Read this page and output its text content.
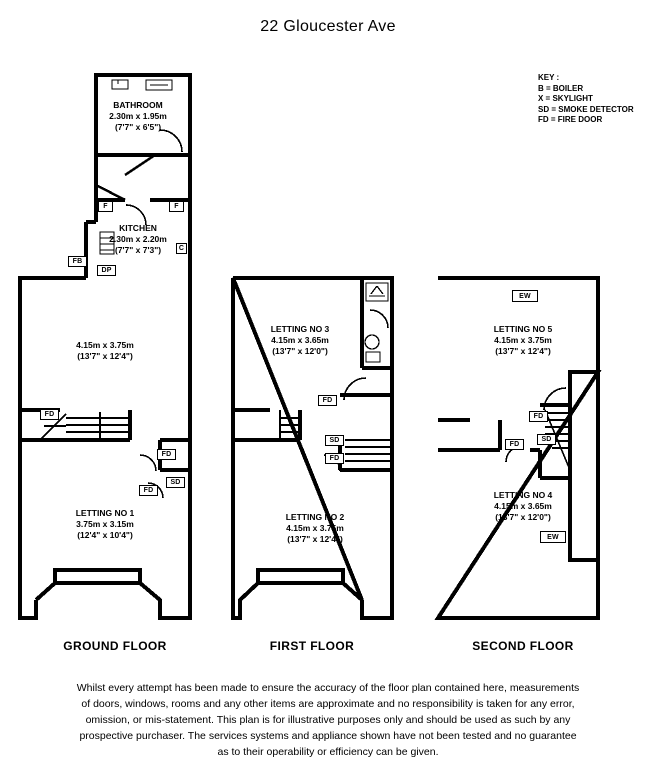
22 Gloucester Ave
KEY :
B = BOILER
X = SKYLIGHT
SD = SMOKE DETECTOR
FD = FIRE DOOR
BATHROOM
2.30m x 1.95m
(7'7" x 6'5")
KITCHEN
2.30m x 2.20m
(7'7" x 7'3")
4.15m x 3.75m
(13'7" x 12'4")
LETTING NO 1
3.75m x 3.15m
(12'4" x 10'4")
LETTING NO 3
4.15m x 3.65m
(13'7" x 12'0")
LETTING NO 2
4.15m x 3.75m
(13'7" x 12'4")
LETTING NO 5
4.15m x 3.75m
(13'7" x 12'4")
LETTING NO 4
4.15m x 3.65m
(13'7" x 12'0")
F	F
FB
DP
C
FD
FD
FD
SD
FD
SD
FD
EW
FD
SD
FD
EW
GROUND FLOOR	FIRST FLOOR	SECOND FLOOR
Whilst every attempt has been made to ensure the accuracy of the floor plan contained here, measurements
of doors, windows, rooms and any other items are approximate and no responsibility is taken for any error,
omission, or mis-statement. This plan is for illustrative purposes only and should be used as such by any
prospective purchaser. The services systems and appliance shown have not been tested and no guarantee
as to their operability or efficiency can be given.
